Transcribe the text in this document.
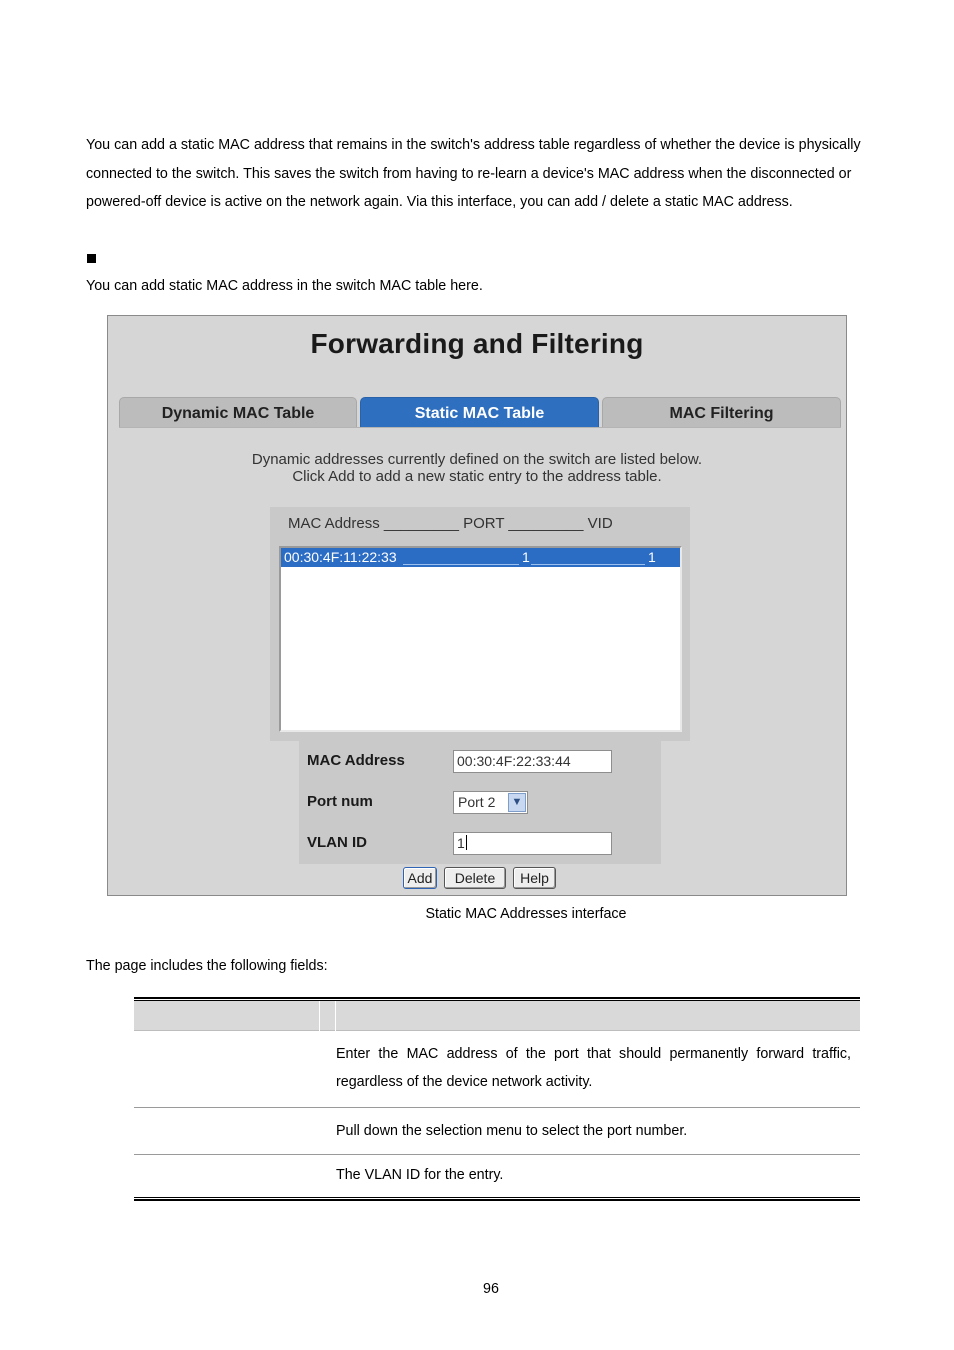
You can add a static MAC address that remains in the switch's address table regardless of whether the device is physically connected to the switch. This saves the switch from having to re-learn a device's MAC address when the disconnected or powered-off device is active on the network again. Via this interface, you can add / delete a static MAC address.

You can add static MAC address in the switch MAC table here.

Forwarding and Filtering
Dynamic MAC Table	Static MAC Table	MAC Filtering
Dynamic addresses currently defined on the switch are listed below.
Click Add to add a new static entry to the address table.
MAC Address _________ PORT _________ VID
00:30:4F:11:22:33	1	1
MAC Address	00:30:4F:22:33:44
Port num	Port 2	▼
VLAN ID	1
Add	Delete	Help

Static MAC Addresses interface

The page includes the following fields:

Enter the MAC address of the port that should permanently forward traffic, regardless of the device network activity.
Pull down the selection menu to select the port number.
The VLAN ID for the entry.
96
